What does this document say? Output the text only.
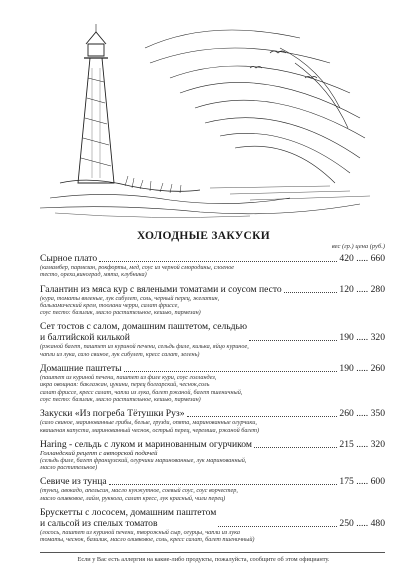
ХОЛОДНЫЕ ЗАКУСКИ
вес (гр.) цена (руб.)
Сырное плато	420 ..... 660
(камамбер, пармезан, рокфорты, мед, соус из черной смородины, слоеное
тесто, орехи,виноград, мята, клубника)
Галантин из мяса кур с вялеными томатами и соусом песто	120 ..... 280
(кура, томаты вяленые, лук сибулет, соль, черный перец, желатин,
бальзамический крем, тоолани черри, салат фриссе,
соус песто: базилик, масло растительное, кешью, пармезан)
Сет тостов с салом, домашним паштетом, сельдью
и балтийской килькой	190 ..... 320
(ржаной багет, паштет из куриной печени, сельдь филе, килька, яйцо куриное,
чапли из лука, сало свиное, лук сибулет, кресс салат, зелень)
Домашние паштеты	190 ..... 260
(паштет из куриной печени, паштет из филе кури, соус голландез,
икра овощная: баклажан, цукини, перец болгарский, чеснок,соль
салат фриссе, кресс салат, чапли из лука, багет ржаной, багет пшеничный,
соус песто: базилик, масло растительное, кешью, пармезан)
Закуски «Из погреба Тётушки Руз»	260 ..... 350
(сало свиное, маринованные грибы, белые, грузди, опята, маринованные огурчики,
квашеная капуста, маринованный чеснок, острый перец, черемша, ржаной багет)
Haring - сельдь с луком и маринованным огурчиком	215 ..... 320
Голландский рецепт с авторской подачей
(сельдь филе, багет французский, огурчики маринованные, лук маринованный,
масло растительное)
Севиче из тунца	175 ..... 600
(тунец, авокадо, апельсин, масло кунжутное, соевый соус, соус ворчестер,
масло оливковое, лайм, руккола, салат кресс, лук красный, чили перец)
Брускетты с лососем, домашним паштетом
и сальсой из спелых томатов	250 ..... 480
(лосось, паштет из куриной печени, творожный сыр, огурцы, чапли из лука
томаты, чеснок, базилик, масло оливковое, соль, кресс салат, багет пшеничный)
Если у Вас есть аллергия на какие-либо продукты, пожалуйста, сообщите об этом официанту.
